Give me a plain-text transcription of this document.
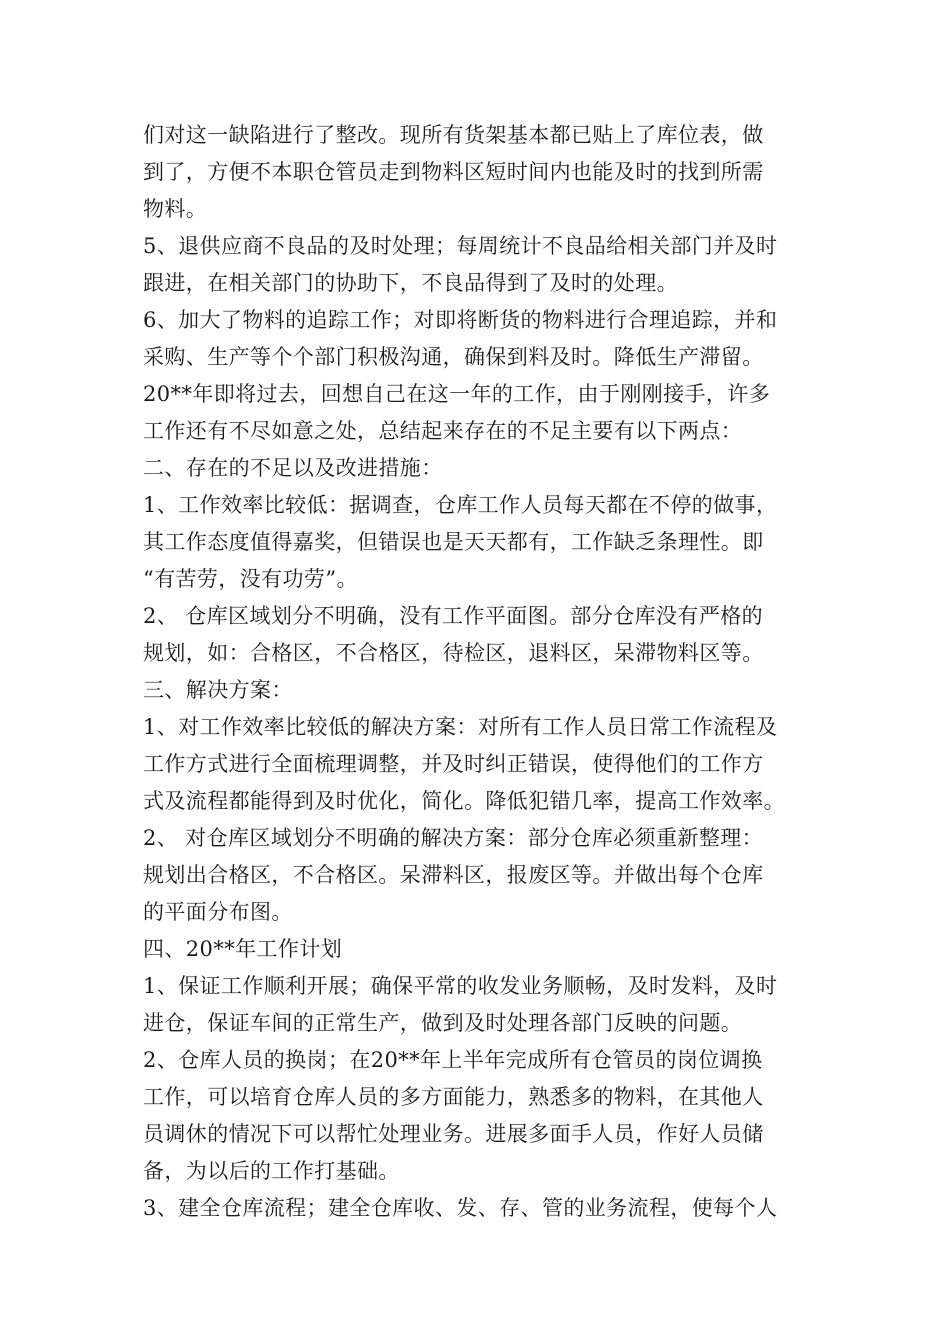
们对这一缺陷进行了整改。现所有货架基本都已贴上了库位表，做
到了，方便不本职仓管员走到物料区短时间内也能及时的找到所需
物料。
5、退供应商不良品的及时处理；每周统计不良品给相关部门并及时
跟进，在相关部门的协助下，不良品得到了及时的处理。
6、加大了物料的追踪工作；对即将断货的物料进行合理追踪，并和
采购、生产等个个部门积极沟通，确保到料及时。降低生产滞留。
20**年即将过去，回想自己在这一年的工作，由于刚刚接手，许多
工作还有不尽如意之处，总结起来存在的不足主要有以下两点：
二、存在的不足以及改进措施：
1、工作效率比较低：据调查，仓库工作人员每天都在不停的做事，
其工作态度值得嘉奖，但错误也是天天都有，工作缺乏条理性。即
“有苦劳，没有功劳”。
2、 仓库区域划分不明确，没有工作平面图。部分仓库没有严格的
规划，如：合格区，不合格区，待检区，退料区，呆滞物料区等。
三、解决方案：
1、对工作效率比较低的解决方案：对所有工作人员日常工作流程及
工作方式进行全面梳理调整，并及时纠正错误，使得他们的工作方
式及流程都能得到及时优化，简化。降低犯错几率，提高工作效率。
2、 对仓库区域划分不明确的解决方案：部分仓库必须重新整理：
规划出合格区，不合格区。呆滞料区，报废区等。并做出每个仓库
的平面分布图。
四、20**年工作计划
1、保证工作顺利开展；确保平常的收发业务顺畅，及时发料，及时
进仓，保证车间的正常生产，做到及时处理各部门反映的问题。
2、仓库人员的换岗；在20**年上半年完成所有仓管员的岗位调换
工作，可以培育仓库人员的多方面能力，熟悉多的物料，在其他人
员调休的情况下可以帮忙处理业务。进展多面手人员，作好人员储
备，为以后的工作打基础。
3、建全仓库流程；建全仓库收、发、存、管的业务流程，使每个人
